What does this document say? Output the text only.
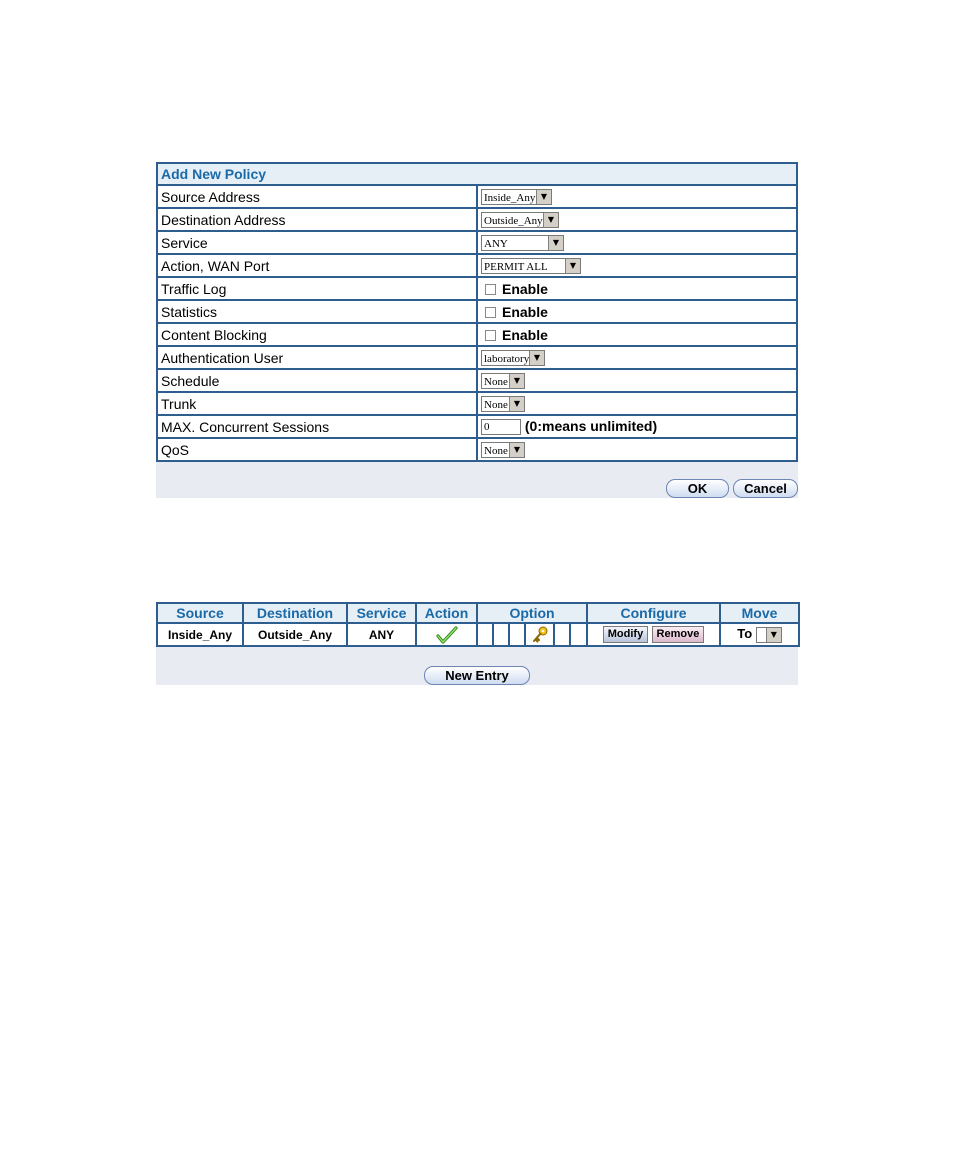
Add New Policy	
Source Address	Inside_Any ▼

Destination Address	Outside_Any ▼

Service	ANY ▼

Action, WAN Port	PERMIT ALL ▼

Traffic Log	Enable
Statistics	Enable
Content Blocking	Enable
Authentication User	laboratory ▼

Schedule	None ▼

Trunk	None ▼

MAX. Concurrent Sessions	0 (0:means unlimited)
QoS	None ▼
OK	Cancel
Source	Destination	Service	Action	Option						Configure	Move
Inside_Any	Outside_Any	ANY								Modify Remove	To ▼
New Entry
